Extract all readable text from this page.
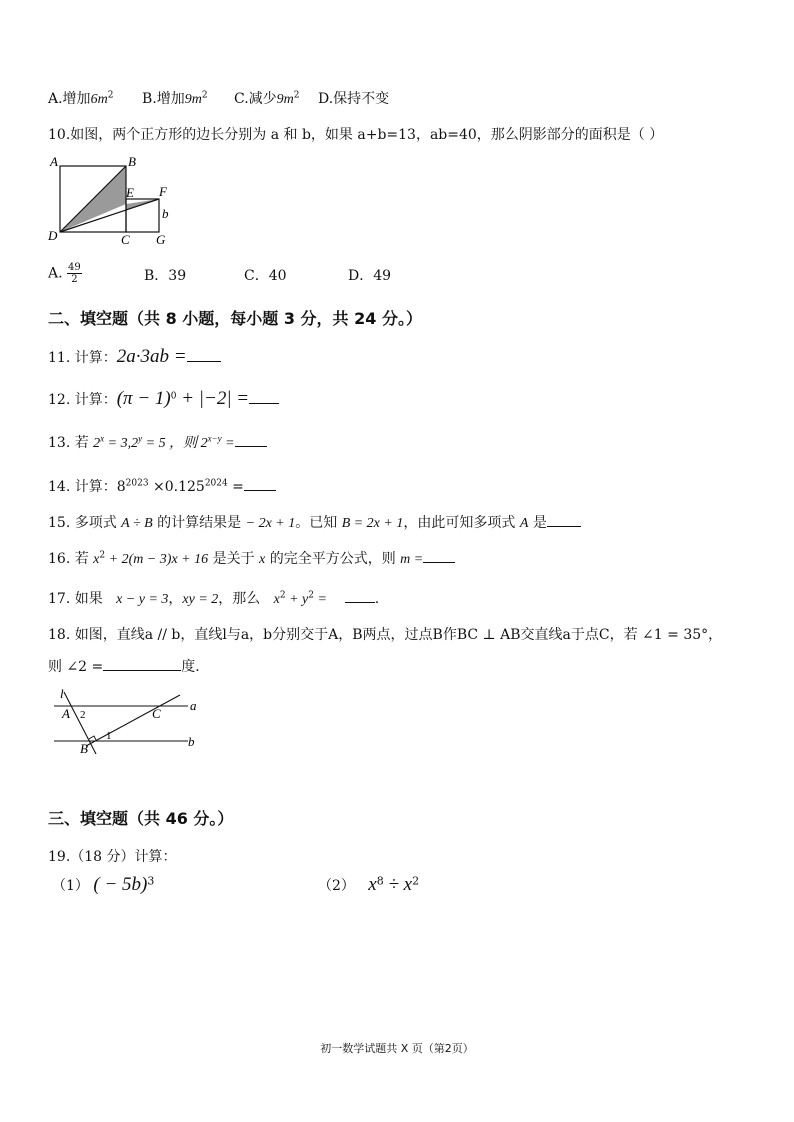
A.增加$6m^2$ B.增加$9m^2$ C.减少$9m^2$ D.保持不变
10.如图，两个正方形的边长分别为 a 和 b，如果 a+b=13，ab=40，那么阴影部分的面积是（ ）
A	B
E F
b
D	C G
A. $\frac{49}{2}$	B．39	C．40	D．49
二、填空题（共 8 小题，每小题 3 分，共 24 分。）
11. 计算：2a·3ab =
12. 计算：$(\pi - 1)^0 + |-2|$ =
13. 若 $2^x = 3,2^y = 5$ ，则 $2^{x-y}$ =
14. 计算：$8^{2023} \times 0.125^{2024}$ =
15. 多项式 A ÷ B 的计算结果是 − 2x + 1。已知 B = 2x + 1，由此可知多项式 A 是
16. 若 $x^2 + 2(m - 3)x + 16$ 是关于 x 的完全平方公式，则 m =
17. 如果 x − y = 3，xy = 2，那么 $x^2 + y^2$ =	.
18. 如图，直线a // b，直线l与a，b分别交于A，B两点，过点B作BC ⊥ AB交直线a于点C，若 ∠1 = 35°，
则 ∠2 =	度.
l
A 2	C
a
1
B	b
三、填空题（共 46 分。）
19.（18 分）计算：
（1） ( − 5b)$^3$	（2） $x^8 \div x^2$
初一数学试题共 X 页（第2页）
